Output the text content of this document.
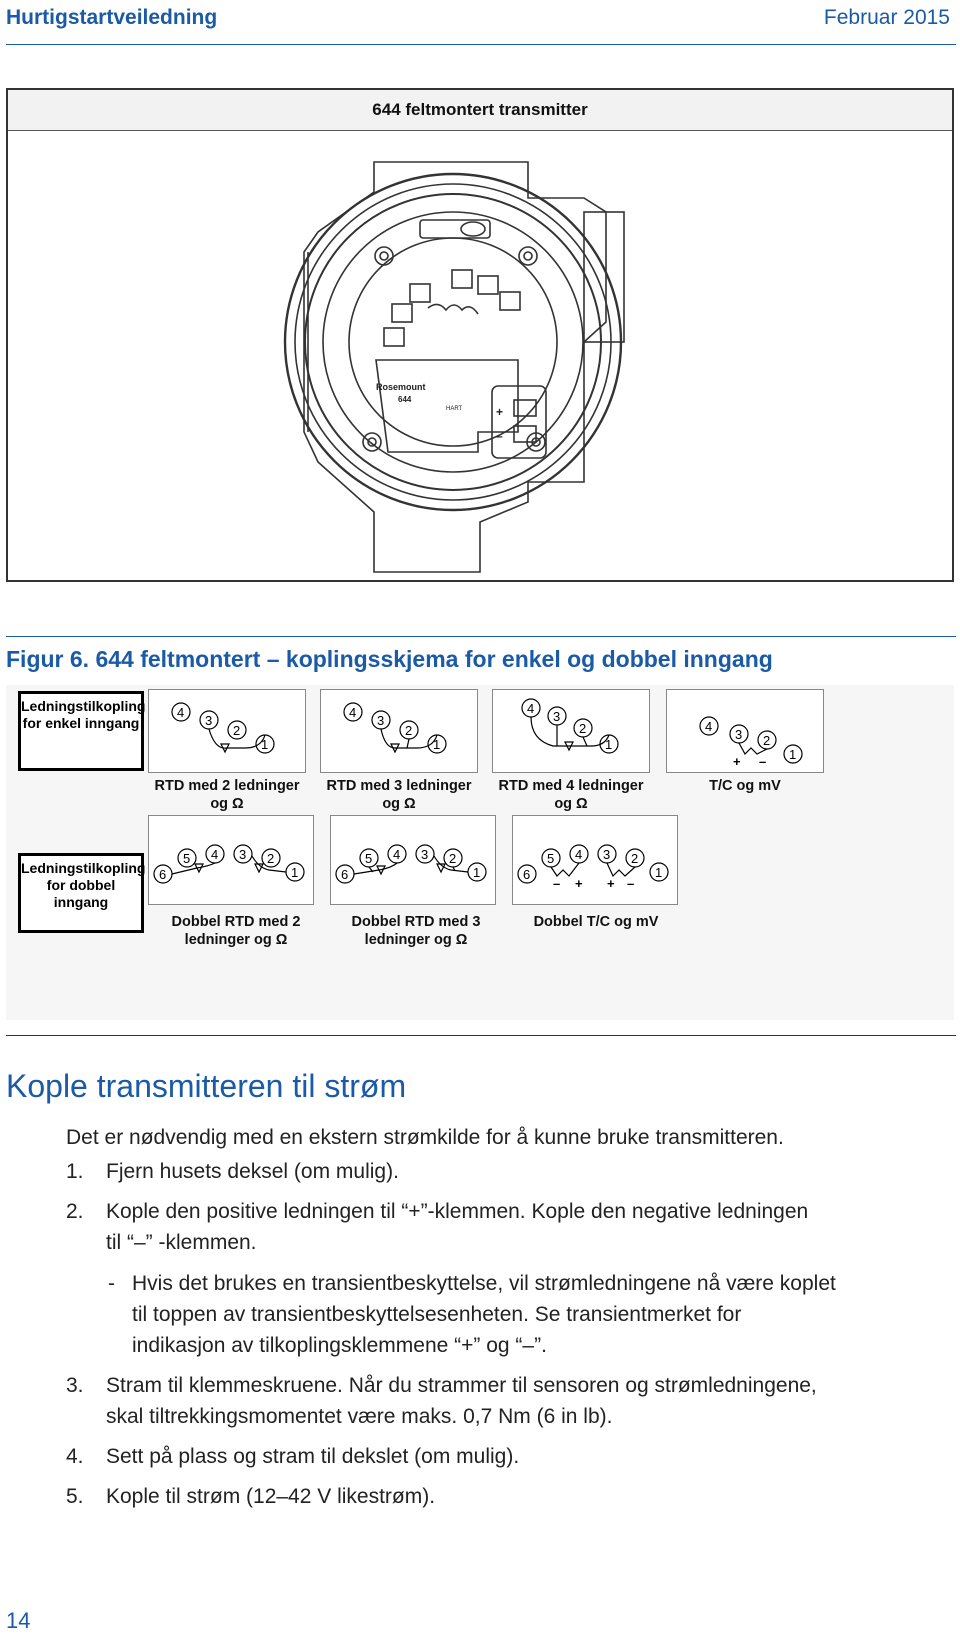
Hurtigstartveiledning	Februar 2015
644 feltmontert transmitter
Rosemount
644
HART	+
–
Figur 6. 644 feltmontert – koplingsskjema for enkel og dobbel inngang
Ledningstilkopling for enkel inngang
Ledningstilkopling for dobbel inngang
4
3
2
1
RTD med 2 ledninger og Ω
4
3
2
1
RTD med 3 ledninger og Ω
4
3
2
1
RTD med 4 ledninger og Ω
4
3 2
1
+ –
T/C og mV
6
5 4 3 2
1
Dobbel RTD med 2 ledninger og Ω
6
5 4 3 2
1
Dobbel RTD med 3 ledninger og Ω
6
5 4 3 2
1
– + + –
Dobbel T/C og mV
Kople transmitteren til strøm
Det er nødvendig med en ekstern strømkilde for å kunne bruke transmitteren.
1. Fjern husets deksel (om mulig).
2. Kople den positive ledningen til “+”-klemmen. Kople den negative ledningen
til “–” -klemmen.
- Hvis det brukes en transientbeskyttelse, vil strømledningene nå være koplet
til toppen av transientbeskyttelsesenheten. Se transientmerket for
indikasjon av tilkoplingsklemmene “+” og “–”.
3. Stram til klemmeskruene. Når du strammer til sensoren og strømledningene,
skal tiltrekkingsmomentet være maks. 0,7 Nm (6 in lb).
4. Sett på plass og stram til dekslet (om mulig).
5. Kople til strøm (12–42 V likestrøm).
14
